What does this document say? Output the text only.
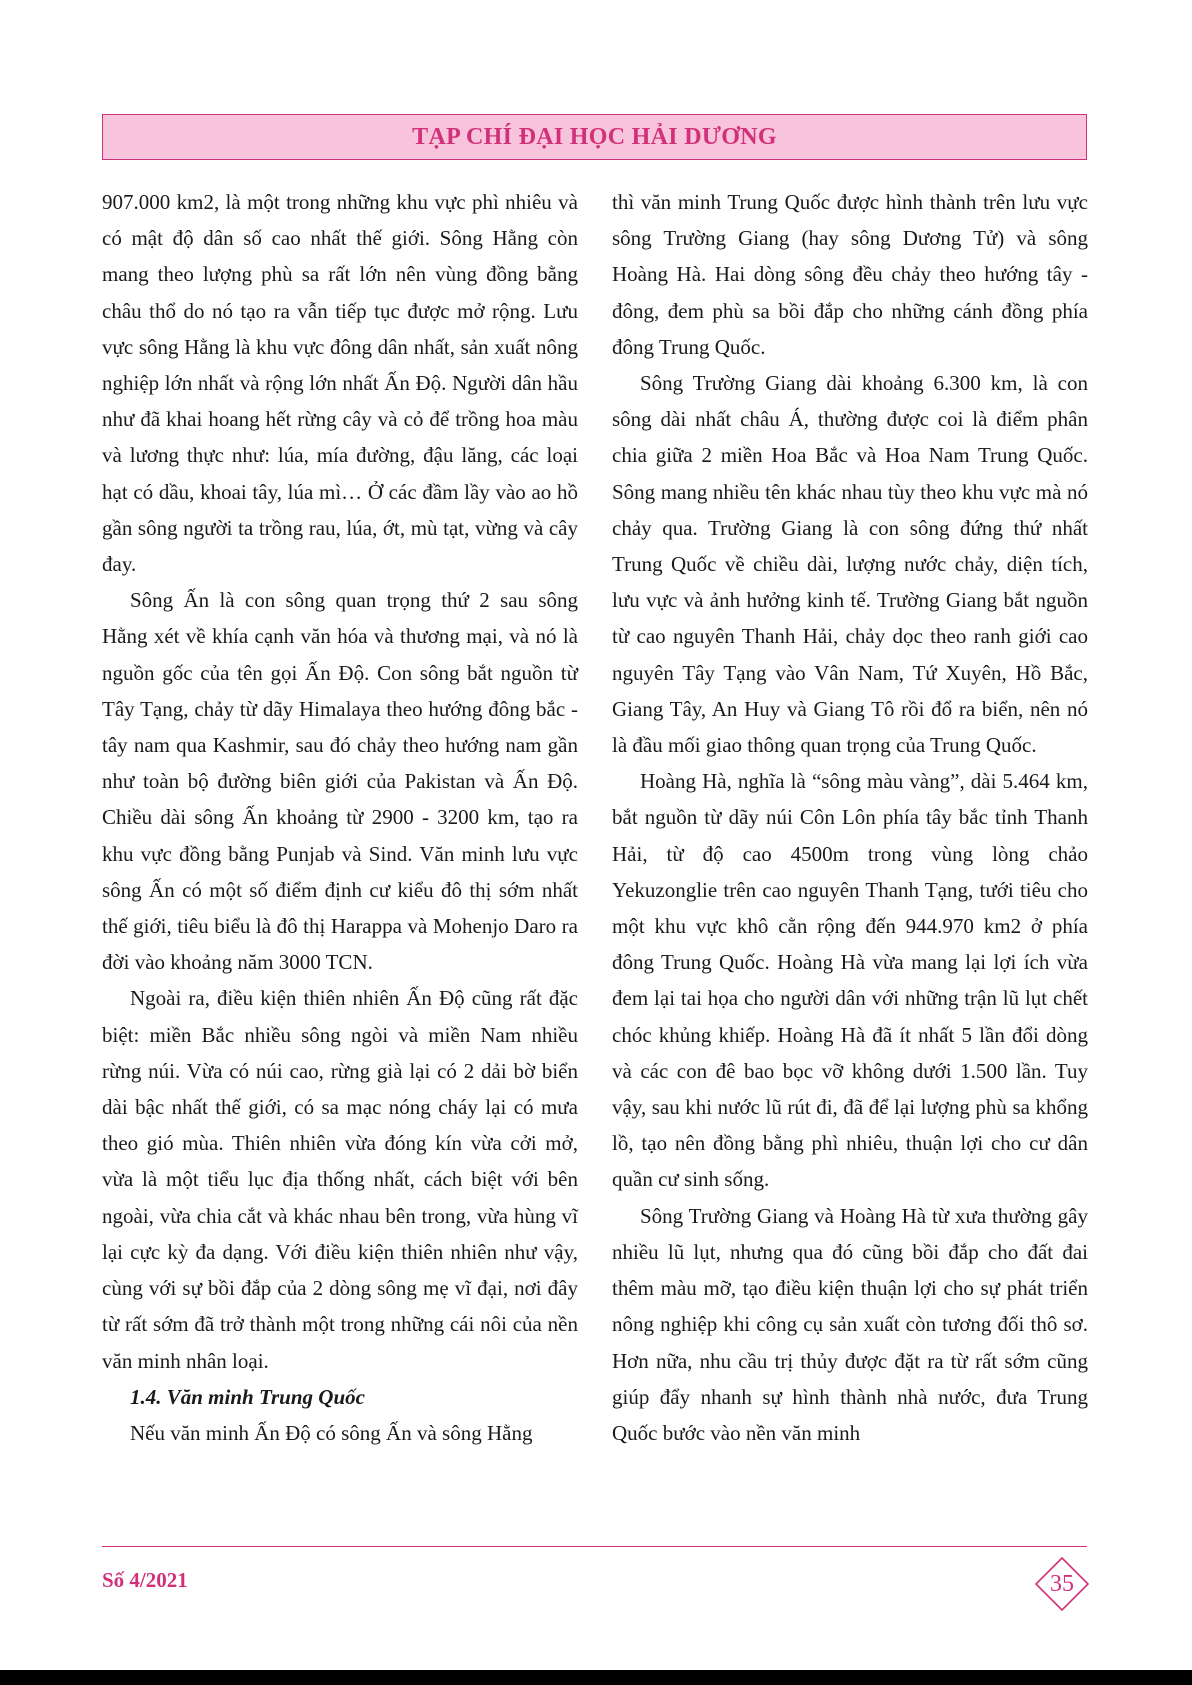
TẠP CHÍ ĐẠI HỌC HẢI DƯƠNG

907.000 km2, là một trong những khu vực phì nhiêu và có mật độ dân số cao nhất thế giới. Sông Hằng còn mang theo lượng phù sa rất lớn nên vùng đồng bằng châu thổ do nó tạo ra vẫn tiếp tục được mở rộng. Lưu vực sông Hằng là khu vực đông dân nhất, sản xuất nông nghiệp lớn nhất và rộng lớn nhất Ấn Độ. Người dân hầu như đã khai hoang hết rừng cây và cỏ để trồng hoa màu và lương thực như: lúa, mía đường, đậu lăng, các loại hạt có dầu, khoai tây, lúa mì… Ở các đầm lầy vào ao hồ gần sông người ta trồng rau, lúa, ớt, mù tạt, vừng và cây đay.

Sông Ấn là con sông quan trọng thứ 2 sau sông Hằng xét về khía cạnh văn hóa và thương mại, và nó là nguồn gốc của tên gọi Ấn Độ. Con sông bắt nguồn từ Tây Tạng, chảy từ dãy Himalaya theo hướng đông bắc - tây nam qua Kashmir, sau đó chảy theo hướng nam gần như toàn bộ đường biên giới của Pakistan và Ấn Độ. Chiều dài sông Ấn khoảng từ 2900 - 3200 km, tạo ra khu vực đồng bằng Punjab và Sind. Văn minh lưu vực sông Ấn có một số điểm định cư kiểu đô thị sớm nhất thế giới, tiêu biểu là đô thị Harappa và Mohenjo Daro ra đời vào khoảng năm 3000 TCN.

Ngoài ra, điều kiện thiên nhiên Ấn Độ cũng rất đặc biệt: miền Bắc nhiều sông ngòi và miền Nam nhiều rừng núi. Vừa có núi cao, rừng già lại có 2 dải bờ biển dài bậc nhất thế giới, có sa mạc nóng cháy lại có mưa theo gió mùa. Thiên nhiên vừa đóng kín vừa cởi mở, vừa là một tiểu lục địa thống nhất, cách biệt với bên ngoài, vừa chia cắt và khác nhau bên trong, vừa hùng vĩ lại cực kỳ đa dạng. Với điều kiện thiên nhiên như vậy, cùng với sự bồi đắp của 2 dòng sông mẹ vĩ đại, nơi đây từ rất sớm đã trở thành một trong những cái nôi của nền văn minh nhân loại.

1.4. Văn minh Trung Quốc

Nếu văn minh Ấn Độ có sông Ấn và sông Hằng

thì văn minh Trung Quốc được hình thành trên lưu vực sông Trường Giang (hay sông Dương Tử) và sông Hoàng Hà. Hai dòng sông đều chảy theo hướng tây - đông, đem phù sa bồi đắp cho những cánh đồng phía đông Trung Quốc.

Sông Trường Giang dài khoảng 6.300 km, là con sông dài nhất châu Á, thường được coi là điểm phân chia giữa 2 miền Hoa Bắc và Hoa Nam Trung Quốc. Sông mang nhiều tên khác nhau tùy theo khu vực mà nó chảy qua. Trường Giang là con sông đứng thứ nhất Trung Quốc về chiều dài, lượng nước chảy, diện tích, lưu vực và ảnh hưởng kinh tế. Trường Giang bắt nguồn từ cao nguyên Thanh Hải, chảy dọc theo ranh giới cao nguyên Tây Tạng vào Vân Nam, Tứ Xuyên, Hồ Bắc, Giang Tây, An Huy và Giang Tô rồi đổ ra biển, nên nó là đầu mối giao thông quan trọng của Trung Quốc.

Hoàng Hà, nghĩa là “sông màu vàng”, dài 5.464 km, bắt nguồn từ dãy núi Côn Lôn phía tây bắc tỉnh Thanh Hải, từ độ cao 4500m trong vùng lòng chảo Yekuzonglie trên cao nguyên Thanh Tạng, tưới tiêu cho một khu vực khô cằn rộng đến 944.970 km2 ở phía đông Trung Quốc. Hoàng Hà vừa mang lại lợi ích vừa đem lại tai họa cho người dân với những trận lũ lụt chết chóc khủng khiếp. Hoàng Hà đã ít nhất 5 lần đổi dòng và các con đê bao bọc vỡ không dưới 1.500 lần. Tuy vậy, sau khi nước lũ rút đi, đã để lại lượng phù sa khổng lồ, tạo nên đồng bằng phì nhiêu, thuận lợi cho cư dân quần cư sinh sống.

Sông Trường Giang và Hoàng Hà từ xưa thường gây nhiều lũ lụt, nhưng qua đó cũng bồi đắp cho đất đai thêm màu mỡ, tạo điều kiện thuận lợi cho sự phát triển nông nghiệp khi công cụ sản xuất còn tương đối thô sơ. Hơn nữa, nhu cầu trị thủy được đặt ra từ rất sớm cũng giúp đẩy nhanh sự hình thành nhà nước, đưa Trung Quốc bước vào nền văn minh

Số 4/2021	35
